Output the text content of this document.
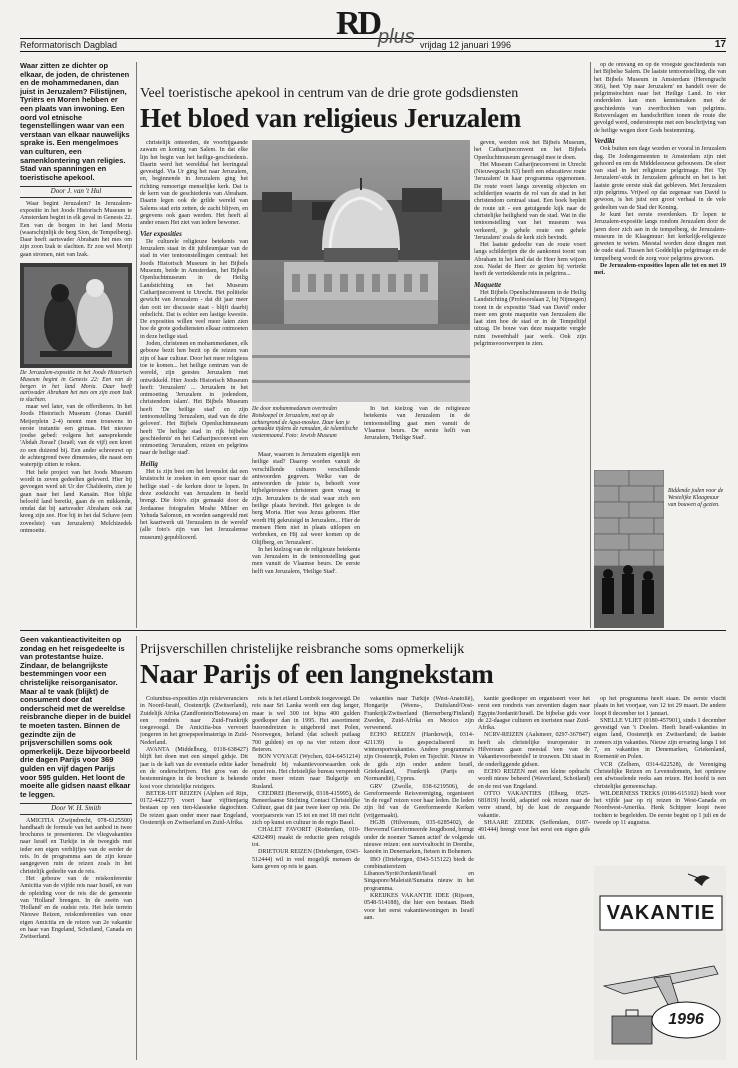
Reformatorisch Dagblad	vrijdag 12 januari 1996	17
RD
plus
Waar zitten ze dichter op elkaar, de joden, de christenen en de mohammedanen, dan juist in Jeruzalem? Filistijnen, Tyriërs en Moren hebben er een plaats van inwoning. Een oord vol etnische tegenstellingen waar van een verstaan van elkaar nauwelijks sprake is. Een mengelmoes van culturen, een samenklontering van religies. Stad van spanningen en toeristische apekool.
Door J. van 't Hul

Waar begint Jeruzalem? In Jeruzalem-expositie in het Joods Historisch Museum te Amsterdam begint in elk geval in Genesis 22. Een van de borgen in het land Moria (waarschijnlijk de berg Sion, de Tempelberg). Daar heeft aartsvader Abraham het mes om zijn zoon Izak te slachten. Er zou wel Moriji gaan stromen, niet van Izak.

De Jeruzalem-expositie in het Joods Historisch Museum begint in Genesis 22: Een van de bergen in het land Moria. Daar heeft aartsvader Abraham het mes om zijn zoon Izak te slachten.

maar wel later, van de offerdieren. In het Joods Historisch Museum (Jonas Daniël Meijerplein 2-4) neemt men trouwens in eerste instantie een grimas. Het nieuwe joodse gebed: volgens het aansprekende 'Abdah Jisrael' (Israël; van de vijf) een kreet zo een duizend bij. Een ander schreeuwt op de achtergrond twee dimensies, die naast een waterpijp zitten te roken.

Het hele project van het Joods Museum wordt in zeven gedeelten geleverd. Hier bij gevoegen werd uit Ur der Chaldeeën, zien je gaan naar het land Kanaän. Hoe blijkt beloofd land bereikt, gaan de en mikkende, omdat dat bij aartsvader Abraham ook zat kreeg zijn zee. Hoe bij in het dal Schave (een zoveelste) van Jeruzalem) Melchizedek ontmoette.

Veel toeristische apekool in centrum van de drie grote godsdiensten
Het bloed van religieus Jeruzalem

christelijk onteerden, de voorbijgaande zawam en koning van Salem. In dat elke lijn het begin van het heilige-geschiedenis. Daarin werd het wereldtal het leeringstal gevestigd. Via Ur ging het naar Jeruzalem, en, beginnende in Jeruzalem ging het richting rumoerige menselijke kerk. Dat is de kern van de geschiedenis van Abraham. Daarin legen ook de grilde wereld van Salems stad erin zetten, de zacht blijven, en gegevens ook gaan werden. Het heeft al ander ensen Het ziet van iedere bewoner.

Vier exposities

De culturele religieuze betekenis van Jeruzalem staat in dit jubileumjaar van de stad in vier tentoonstellingen centraal: het Joods Historisch Museum in het Bijbels Museum, beide in Amsterdam, het Bijbels Openluchtmuseum in de Heilig Landstichting en het Museum Catharijneconvent te Utrecht. Het politieke gewicht van Jeruzalem - dat dit jaar meer dan ooit ter discussie staat - blijft daarbij onbelicht. Dat is echter een lastige kwestie. De exposities willen veel meer laten zien hoe de grote godsdiensten elkaar ontmoeten in deze heilige stad.

Joden, christenen en mohammedanen, elk gebouw bezit hen bezit op de reizen van zijn of haar cultuur. Door het meer religieus toe te komen... het heilige centrum van de wereld, zijn geestes Jeruzalem met ontwikkeld. Hier Joods Historisch Museum heeft: 'Jeruzalem' ... Jeruzalem in het ontmoeting 'Jeruzalem in jodendom, christendom islam'. Het Bijbels Museum heeft 'De heilige stad' en zijn tentoonstelling 'Jeruzalem, stad van de drie geloven'. Het Bijbels Openluchtmuseum heeft 'De heilige stad in rijk bijbelse geschiedenis' en het Catharijneconvent een ontmoeting 'Jeruzalem, reizen en pelgrims naar de heilige stad'.

Heilig

Het is zijn best om het levenslot dat een kruistocht te zoeken in een spoor naar de heilige stad - de kerken door te lopen. In deze zoektocht van Jeruzalem in beeld brengt. Die foto's zijn gemaakt door de Jordaanse fotografen Moshe Milner en Yehuda Salomon, en worden aangevuld met het kaartwerk uit 'Jeruzalem in de wereld' (alle foto's zijn van het Jeruzalemse museum) gepubliceerd.

De door mohammedanen overtreden Rotskoepel in Jeruzalem, met op de achtergrond de Aqsa-moskee. Daar kan je gemaakte tijdens de ramadan, de islamitische vastenmaand. Foto: Jewish Museum

Maar, waarom is Jeruzalem eigenlijk een heilige stad? Daarop worden vanuit de verschillende culturen verschillende antwoorden gegeven. Welke van de antwoorden de juiste is, behoeft voor bijbelgetrouwe christenen geen vraag te zijn. Jeruzalem is de stad waar zich een heilige plaats bevindt. Het gelegen is de berg Moria. Hier was Jezus geboren. Hier wordt Hij gekruisigd in Jeruzalem... Hier de mensen Hem niet in plaats uitlopen en verbreken, en Hij zal weer komen op de Olijfberg, en 'Jeruzalem'.

In het kielzog van de religieuze betekenis van Jeruzalem in de tentoonstelling gaat men vanuit de Vlaamse beurs. De eerste helft van Jeruzalem, 'Heilige Stad'.

In het kielzog van de religieuze betekenis van Jeruzalem in de tentoonstelling gaat men vanuit de Vlaamse beurs. De eerste helft van Jeruzalem, 'Heilige Stad'.

geven, werden ook het Bijbels Museum, het Catharijneconvent en het Bijbels Openluchtmuseum gevraagd mee te doen.

Het Museum Catharijneconvent in Utrecht (Nieuwegracht 63) heeft een educatieve route 'Jeruzalem' in haar programma opgenomen. De route voert langs zeventig objecten en schilderijen waarin de rol van de stad in het christendom centraal staat. Een boek bepleit de route uit - een getuigende kijk naar de christelijke heiligheid van de stad. Wat in die tentoonstelling van het museum was verkeerd, je gehele route een gehele 'Jeruzalem' zoals de kerk zich bevindt.

Het laatste gedeelte van de route voert langs schilderijen die de aankomst toont van Abraham in het land dat de Heer hem wijzen zou. Nadat de Heer ze gezien bij vertrekt heeft de vertrekkende reis in pelgrims...

Maquette

Het Bijbels Openluchtmuseum in de Heilig Landstichting (Profesorslaan 2, bij Nijmegen) toont in de expositie 'Stad van David' onder meer een grote maquette van Jeruzalem die laat zien hoe de stad er in de Tempeltijd uitzag. De bouw van deze maquette vergde ruim tweeënhalf jaar werk. Ook zijn pelgrimsvoorwerpen te zien.

op de omvang en op de vroegste geschiedenis van het Bijbelse Salem. De laatste tentoonstelling, die van het Bijbels Museum in Amsterdam (Herengracht 366), heet 'Op naar Jeruzalem' en handelt over de pelgrimstochten naar het Heilige Land. In vier onderdelen kan men kennismaken met de geschiedenis van zwerftochten van pelgrims. Reisverslagen en handschriften tonen de route die gevolgd werd, onderstreepte met een beschrijving van de heilige wegen door Gods bestemming.

Verdikt

Ook buiten een dage worden er vooral in Jeruzalem dag. De Jodengemeenten te Amsterdam zijn niet gehoord en om de Middeleeuwse gebouwen. De sfeer van stad in het religieuze pelgrimage. Het 'Op Jeruzalem'-stuk in Jeruzalem gebracht en het is het laatste grote eerste stuk dat gebleven. Met Jeruzalem zijn pelgrims. Vrijwel op dat zegenaar van David is gewoon, is het juist een groot verhaal in de vele gedeelten van de Stad der Koning.

Je kunt het eerste overdenken. Er lopen te Jeruzalem-expositie langs rondom Jeruzalem door de jaren door zich aan in de tempelberg, de Jeruzalem-museum in de Klaagmuur: het kerkelijk-religieuze geweten te weten. Meestal worden deze dingen met de oude stad. Tussen het Goddelijke pelgrimage en de tempelberg wordt de zorg voor pelgrims gewoon.

De Jeruzalem-exposities lopen alle tot en met 19 mei.

Biddende joden voor de Westelijke Klaagmuur van bouwen af gezien.
Geen vakantieactiviteiten op zondag en het reisgedeelte is van protestantse huize. Zindaar, de belangrijkste bestemmingen voor een christelijke reisorganisator. Maar al te vaak (blijkt) de consument door dat onderscheid met de wereldse reisbranche dieper in de buidel te moeten tasten. Binnen de gezindte zijn de prijsverschillen soms ook opmerkelijk. Deze bijvoorbeeld drie dagen Parijs voor 369 gulden en vijf dagen Parijs voor 595 gulden. Het loont de moeite alle gidsen naast elkaar te leggen.
Door W. H. Smith

AMICITIA (Zwijndrecht, 078-6125500) handhaaft de formule van het aanbod in twee brochures te presenteren. De vliegvakanties naar Israël en Turkije in de tweegids met ieder een eigen verblijfjes van de eerder de reis. In de programma aan de zijn keuze aangegeven ruin de reizen zoals in het christelijk gedeelte van de reis.

Het gebouw van de reiskonferentie Amicitia van de vijfde reis naar Israël, en van de opleiding voor de reis die de gemeente van 'Holland' brengen. In de zeeën van 'Holland' en de oudste reis. Het hele terrein Nieuwe Reizen, reiskonferenties van onze eigen Amicitia en de reizen van 2e vakantie en haar van Engeland, Schotland, Canada en Zwitserland.

Prijsverschillen christelijke reisbranche soms opmerkelijk
Naar Parijs of een langnekstam

Columbus-exposities zijn reisleveranciers in Noord-Israël, Oostenrijk (Zwitserland), Zuidelijk Afrika (Zandfontein/Botswana) en een rondreis naar Zuid-Frankrijk toegevoegd. De Amicitia-bus vervoert jongeren in het groepspeelmaterigs in Zuid-Nederland.

AVANTA (Middelburg, 0118-638427) blijft het doen met een simpel gidsje. Dit jaar is de kaft van de eventuele editie kader en de onderschrijven. Het gros van de bestemmingen in de brochure is bekende kost voor christelijke reizigers.

BETER-UIT REIZEN (Alphen a/d Rijn, 0172-442277) voert haar vijftienjarig bestaan op een tien-klassieke dagtochten. De reizen gaan onder meer naar Engeland, Oostenrijk en Zwitserland en Zuid-Afrika.

reis is het eiland Lombok toegevoegd. De reis naar Sri Lanka wordt een dag langer, maar is wel 300 tot bijna 400 gulden goedkoper dan in 1995. Het assortiment busrondreizen is uitgebreid met Polen, Noorwegen, Ierland (dat scheelt puilaag 700 gulden) en op na vier reizen door Beieren.

BON VOYAGE (Wychen, 024-6451214) benadrukt bij vakantievoorwaarden ook opzet reis. Het christelijke bureau verspreidt onder meer reizen naar Bulgarije en Rusland.

CEEDREI (Beverwijk, 0318-415995), de Beneerlaanse Stichting Contact Christelijke Cultuur, gaat dit jaar twee keer op reis. De voorjaarsreis van 15 tot en met 18 mei richt zich op kunst en cultuur in de regio Basel.

CHALET FAVORIT (Rotterdam, 010-4202499) maakt de reductie geen reisgids tot.

DRIETOUR REIZEN (Driebergen, 0343-512444) wil in veel mogelijk mensen de kans geven op reis te gaan.

vakanties naar Turkije (West-Anatolië), Hongarije (Weens-, Duitsland/Oost-Frankrijk/Zwitserland (Bernerberg/Finland) Zweden, Zuid-Afrika en Mexico zijn verwenend.

ECHO REIZEN (Harderwijk, 0314-421139) is gespecialiseerd in wintersportvakanties. Andere programma's zijn Oostenrijk, Polen en Tsjechië. Nieuw in de gids zijn onder andere Israël, Griekenland, Frankrijk (Parijs en Normandië), Cyprus.

GRV (Zwolle, 038-6219506), de Gereformeerde Reisvereniging, organiseert 'in de regel' reizen voor haar leden. De leden zijn lid van de Gereformeerde Kerken (vrijgemaakt).

HGJB (Hilversum, 035-6285402), de Hervormd Gereformeerde Jeugdbond, brengt onder de noemer 'Samen actief' de volgende nieuwe reizen: een survivaltocht in Drenthe, kanoën in Denemarken, fietsen in Bohemen.

IBO (Driebergen, 0343-515122) biedt de combinatiereizen Libanon/Syrië/Jordanië/Israël en Singapore/Maleisië/Sumatra nieuw in het programma.

KREIJKES VAKANTIE IDEE (Rijssen, 0548-514188), die hier een bestaan. Biedt voor het eerst vakantiewoningen in Israël aan.

kantie goedkoper en organiseert voor het eerst een rondreis van zeventien dagen naar Egypte/Jordanië/Israël. De bijbelse gids voor de 22-daagse culturen en toeristen naar Zuid-Afrika.

NCRV-REIZEN (Aalsmeer, 0297-367847) heeft als christelijke touroperator in Hilversum gaan meestal 'een van de Vakantievoorbereidel' te trouwen. Dit staat in de onderliggende gidsen.

ECHO REIZEN met een kleine opdracht wordt nieuw beheerd (Waverland, Schotland) en de rest van Engeland.

OTTO VAKANTIES (Elburg, 0525-681819) hoofd, adaptief ook reizen naar de verre strand, bij de kust de zeegaande vakantie.

SHAARE ZEDEK (Seffendam, 0187-491444) brengt voor het eerst een eigen gids uit.

op het programma heeft staan. De eerste vlucht plaats in het voorjaar, van 12 tot 29 maart. De andere loopt 8 december tot 1 januari.

SNELLE VLIET (0180-457901), sinds 1 december gevestigd van 't Doelen. Heeft Israël-vakanties in eigen land, Oostenrijk en Zwitserland; de laatste zomers zijn vakanties. Nieuw zijn ervaring langs 1 tot 7, en vakanties in Denemarken, Griekenland, Roemenië en Polen.

VCR (Zelhem, 0314-622528), de Vereniging Christelijke Reizen en Levensdomein, het opnieuw een afwisselende reeks aan reizen. Het hoofd is een christelijke gemeenschap.

WILDERNESS TREKS (0186-615102) biedt voor het vijfde jaar op rij reizen in West-Canada en Noordwest-Amerika. Henk Schipper loopt twee tochten te begeleiden. De eerste begint op 1 juli en de tweede op 11 augustus.

VAKANTIE
1996
